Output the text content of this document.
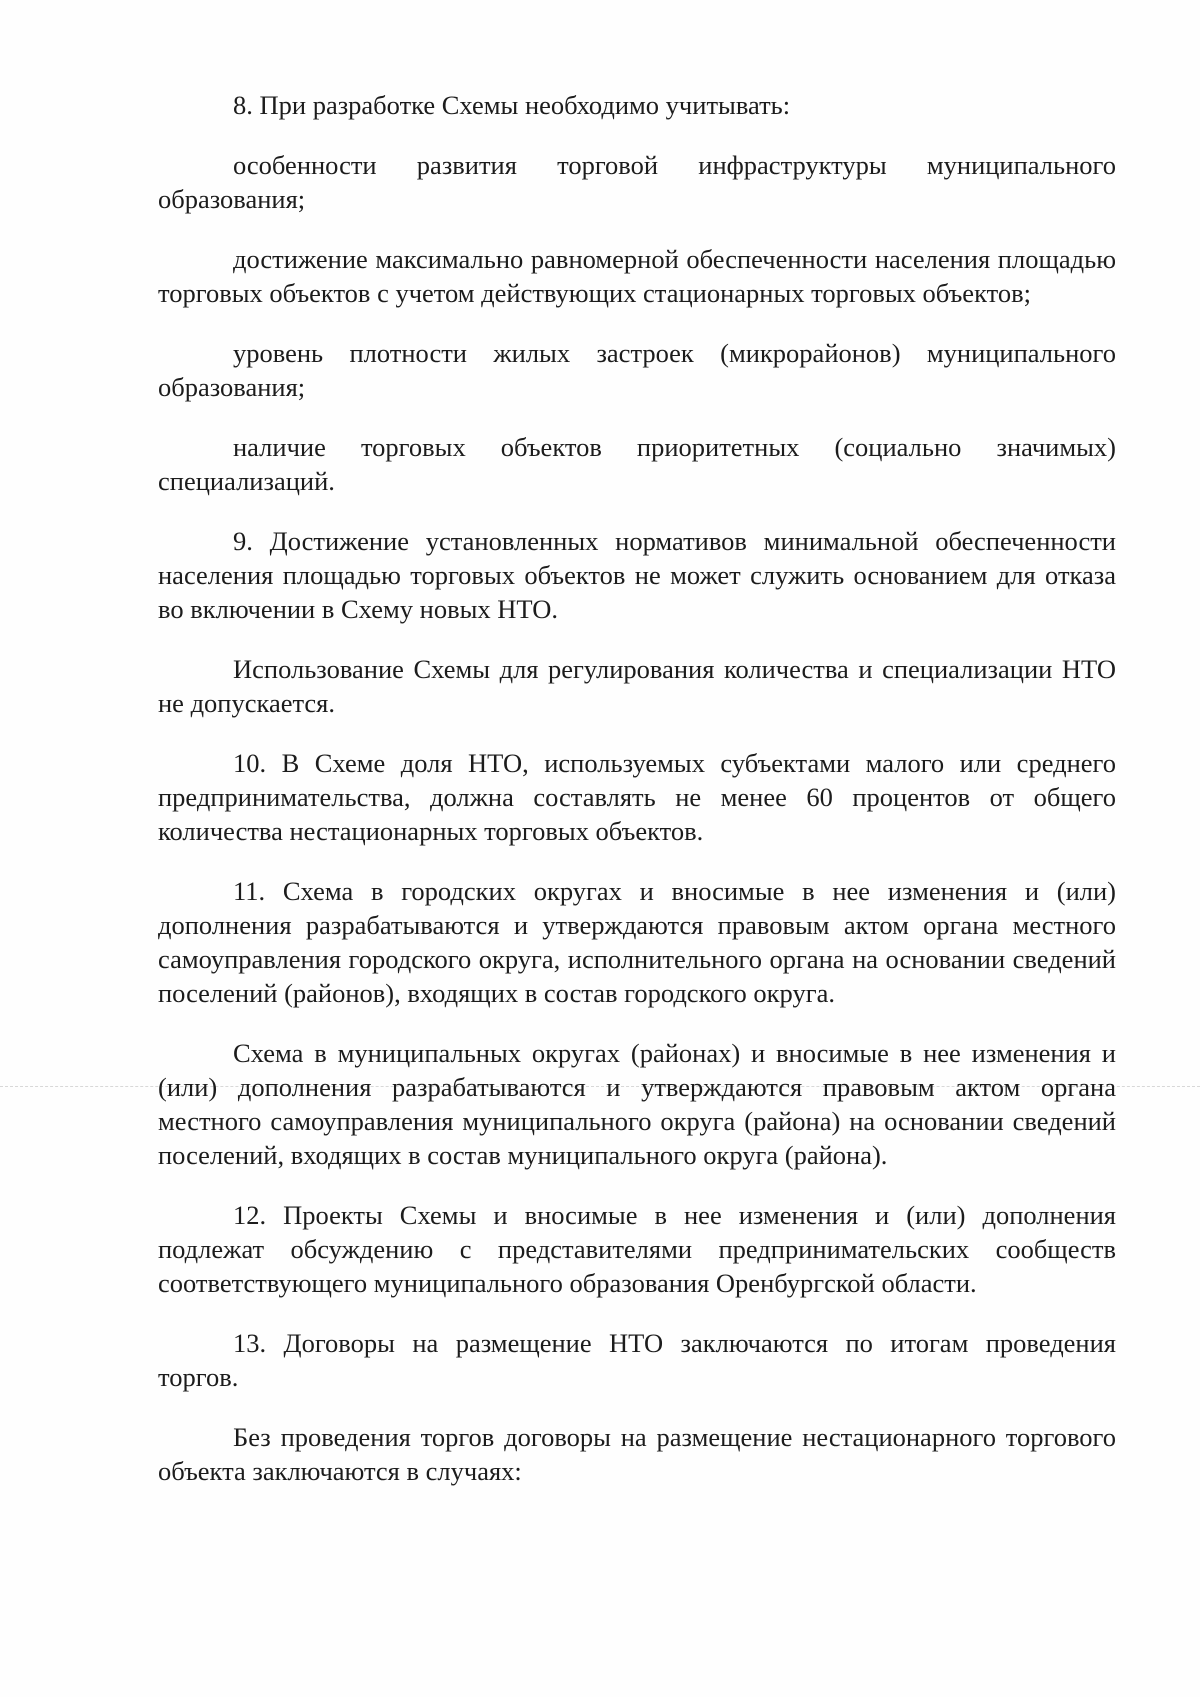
8. При разработке Схемы необходимо учитывать:

особенности развития торговой инфраструктуры муниципального образования;

достижение максимально равномерной обеспеченности населения площадью торговых объектов с учетом действующих стационарных торговых объектов;

уровень плотности жилых застроек (микрорайонов) муниципального образования;

наличие торговых объектов приоритетных (социально значимых) специализаций.

9. Достижение установленных нормативов минимальной обеспеченности населения площадью торговых объектов не может служить основанием для отказа во включении в Схему новых НТО.

Использование Схемы для регулирования количества и специализации НТО не допускается.

10. В Схеме доля НТО, используемых субъектами малого или среднего предпринимательства, должна составлять не менее 60 процентов от общего количества нестационарных торговых объектов.

11. Схема в городских округах и вносимые в нее изменения и (или) дополнения разрабатываются и утверждаются правовым актом органа местного самоуправления городского округа, исполнительного органа на основании сведений поселений (районов), входящих в состав городского округа.

Схема в муниципальных округах (районах) и вносимые в нее изменения и (или) дополнения разрабатываются и утверждаются правовым актом органа местного самоуправления муниципального округа (района) на основании сведений поселений, входящих в состав муниципального округа (района).

12. Проекты Схемы и вносимые в нее изменения и (или) дополнения подлежат обсуждению с представителями предпринимательских сообществ соответствующего муниципального образования Оренбургской области.

13. Договоры на размещение НТО заключаются по итогам проведения торгов.

Без проведения торгов договоры на размещение нестационарного торгового объекта заключаются в случаях:
